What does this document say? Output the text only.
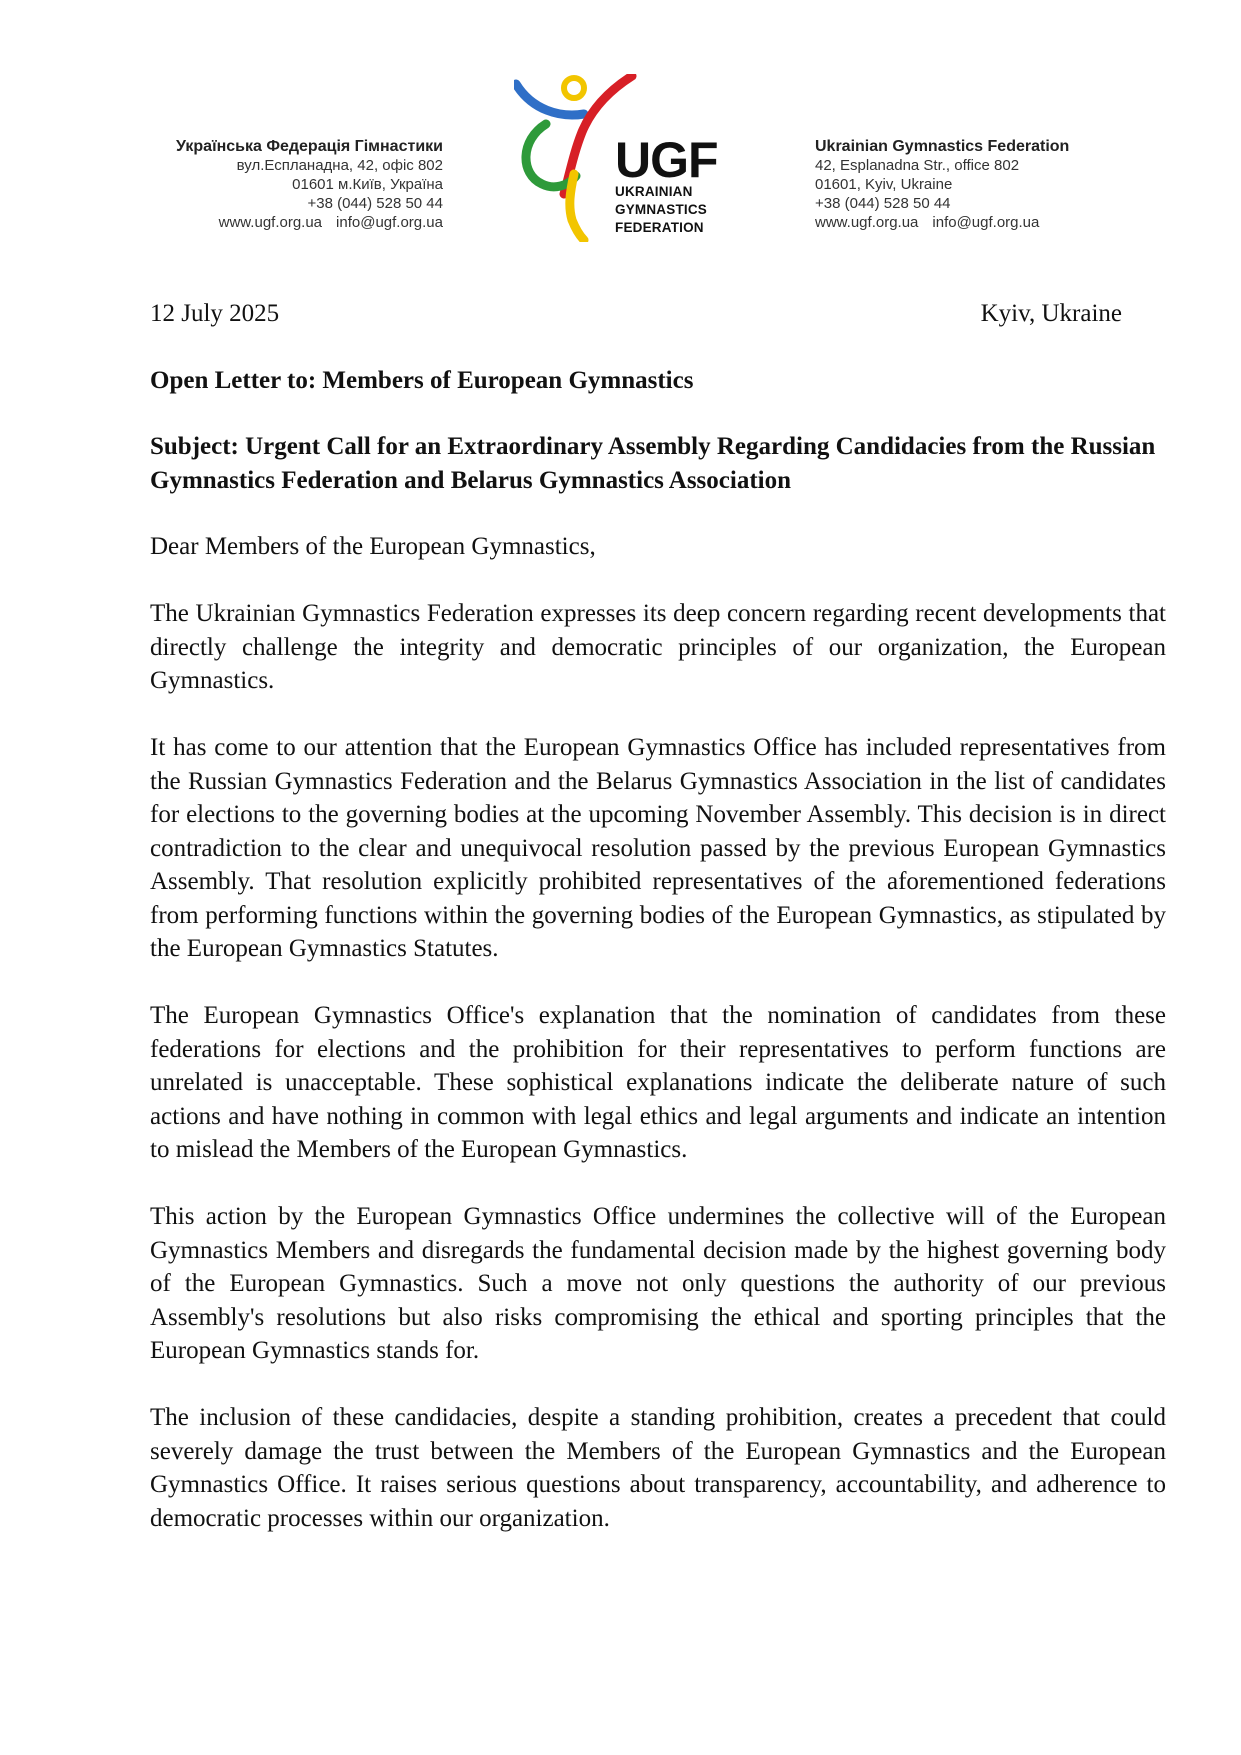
Українська Федерація Гімнастики
вул.Еспланадна, 42, офіс 802
01601 м.Київ, Україна
+38 (044) 528 50 44
www.ugf.org.ua info@ugf.org.ua
UGF
UKRAINIAN
GYMNASTICS
FEDERATION
Ukrainian Gymnastics Federation
42, Esplanadna Str., office 802
01601, Kyiv, Ukraine
+38 (044) 528 50 44
www.ugf.org.ua info@ugf.org.ua
12 July 2025	Kyiv, Ukraine

Open Letter to: Members of European Gymnastics

Subject: Urgent Call for an Extraordinary Assembly Regarding Candidacies from the Russian Gymnastics Federation and Belarus Gymnastics Association

Dear Members of the European Gymnastics,

The Ukrainian Gymnastics Federation expresses its deep concern regarding recent developments that directly challenge the integrity and democratic principles of our organization, the European Gymnastics.

It has come to our attention that the European Gymnastics Office has included representatives from the Russian Gymnastics Federation and the Belarus Gymnastics Association in the list of candidates for elections to the governing bodies at the upcoming November Assembly. This decision is in direct contradiction to the clear and unequivocal resolution passed by the previous European Gymnastics Assembly. That resolution explicitly prohibited representatives of the aforementioned federations from performing functions within the governing bodies of the European Gymnastics, as stipulated by the European Gymnastics Statutes.

The European Gymnastics Office's explanation that the nomination of candidates from these federations for elections and the prohibition for their representatives to perform functions are unrelated is unacceptable. These sophistical explanations indicate the deliberate nature of such actions and have nothing in common with legal ethics and legal arguments and indicate an intention to mislead the Members of the European Gymnastics.

This action by the European Gymnastics Office undermines the collective will of the European Gymnastics Members and disregards the fundamental decision made by the highest governing body of the European Gymnastics. Such a move not only questions the authority of our previous Assembly's resolutions but also risks compromising the ethical and sporting principles that the European Gymnastics stands for.

The inclusion of these candidacies, despite a standing prohibition, creates a precedent that could severely damage the trust between the Members of the European Gymnastics and the European Gymnastics Office. It raises serious questions about transparency, accountability, and adherence to democratic processes within our organization.
